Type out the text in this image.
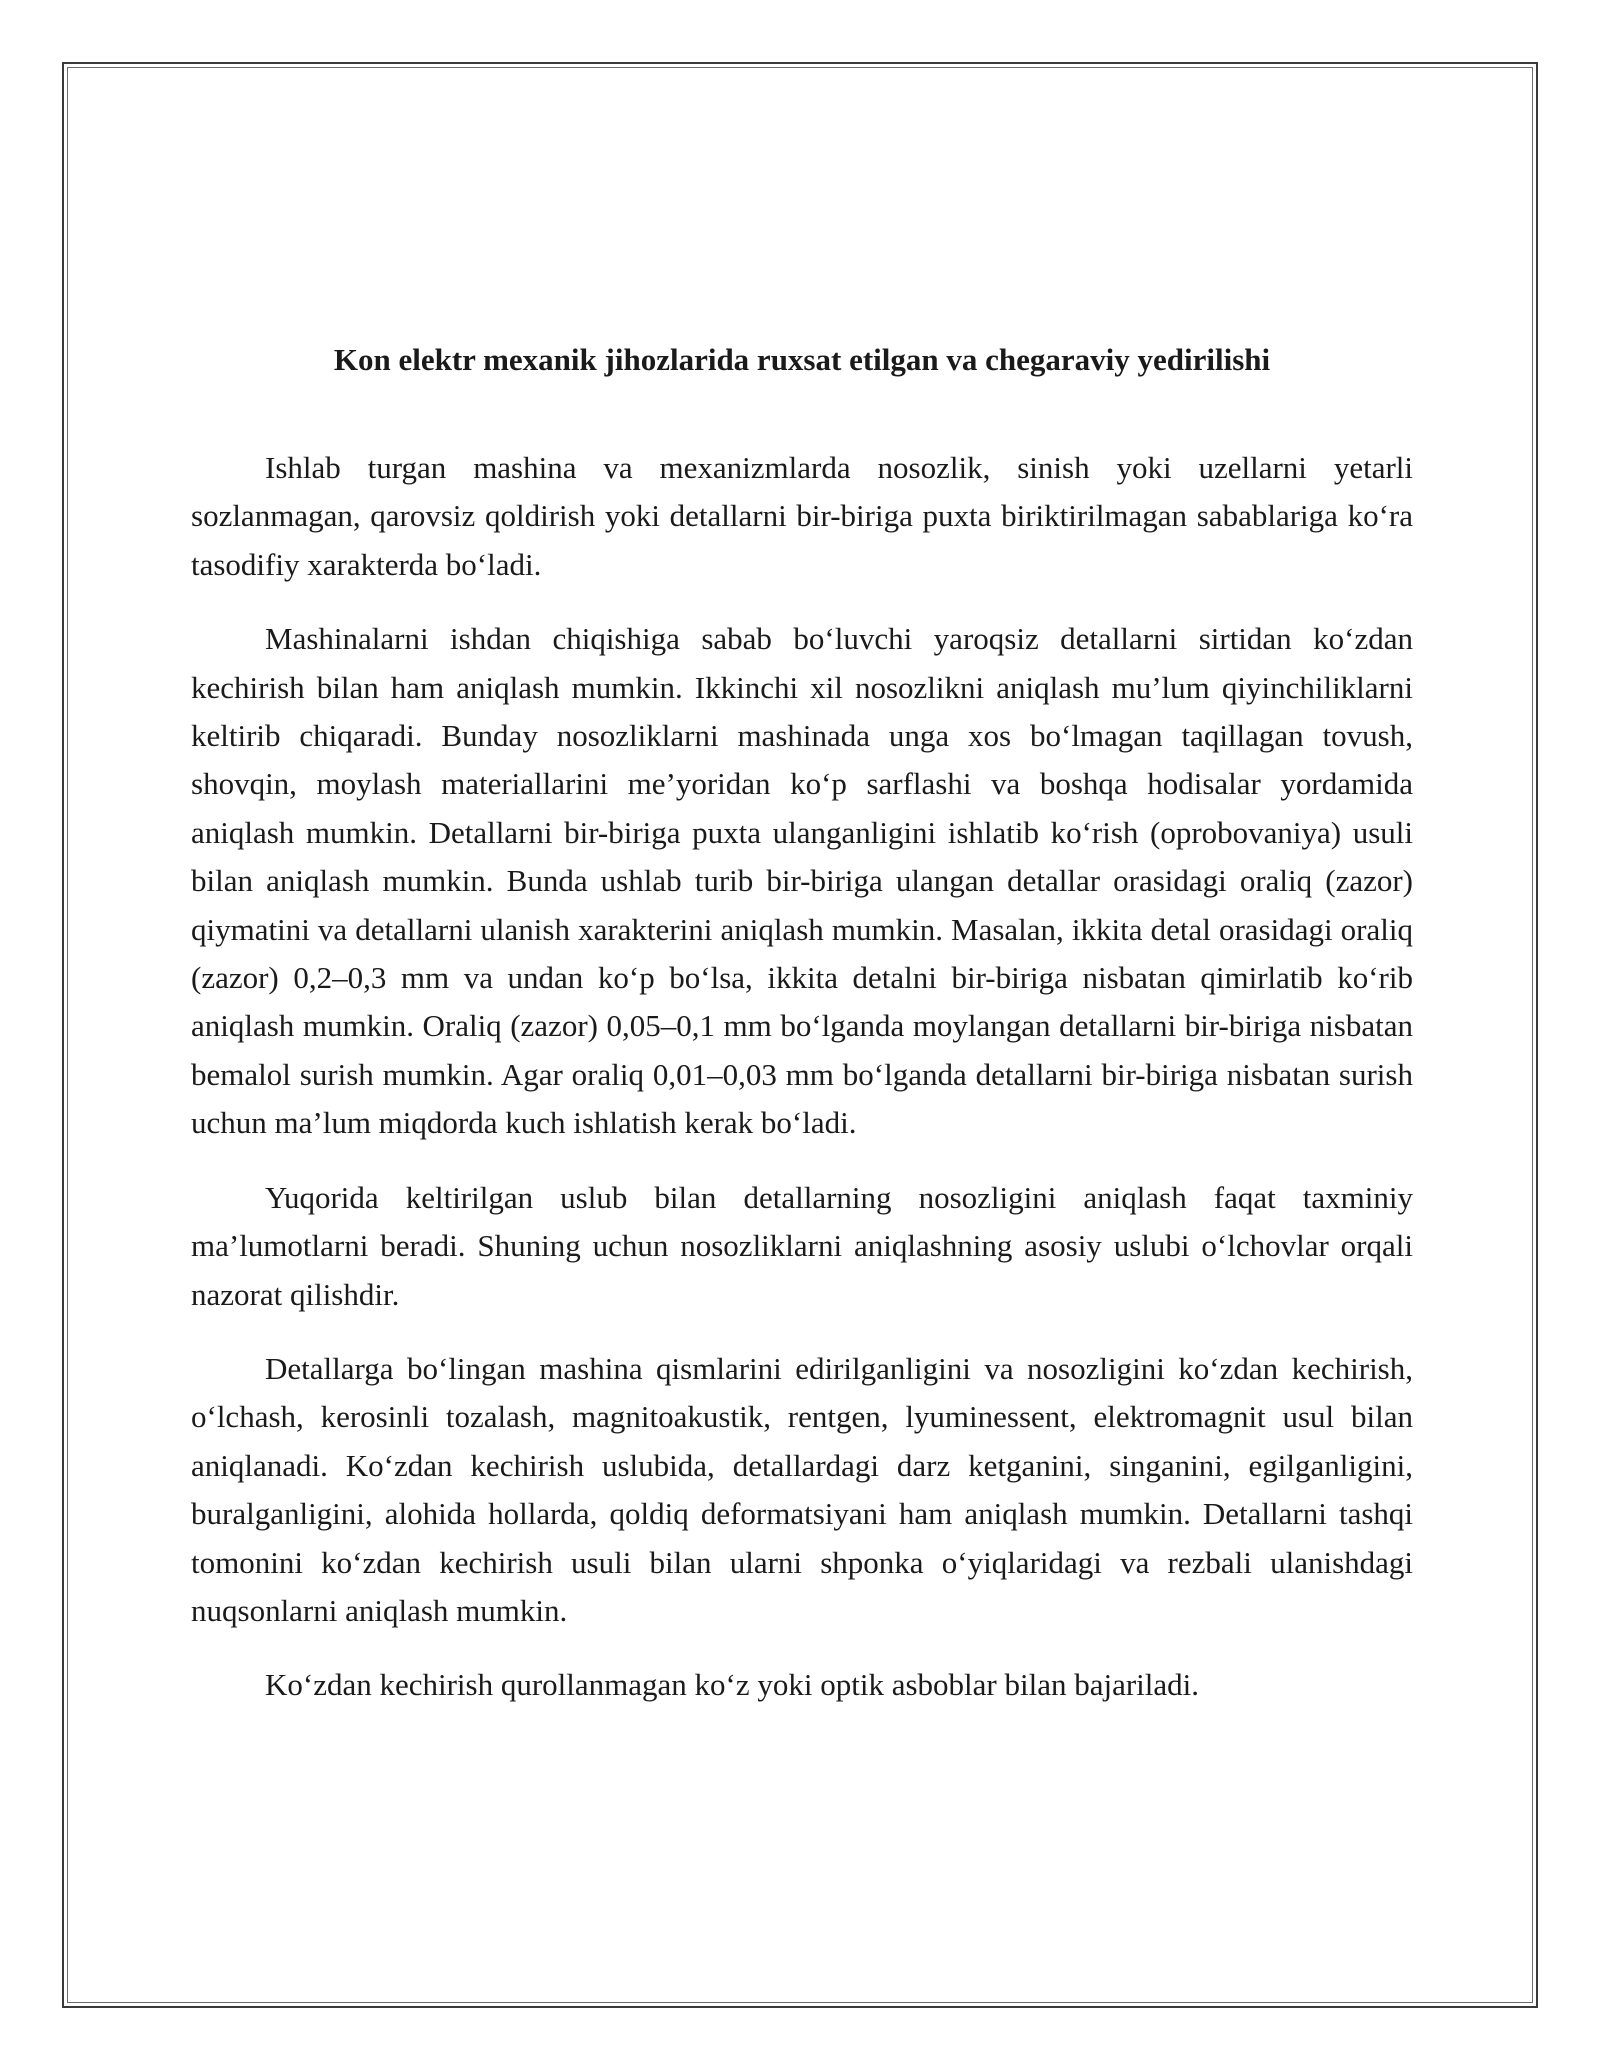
Kon elektr mexanik jihozlarida ruxsat etilgan va chegaraviy yedirilishi

Ishlab turgan mashina va mexanizmlarda nosozlik, sinish yoki uzellarni yetarli sozlanmagan, qarovsiz qoldirish yoki detallarni bir-biriga puxta biriktirilmagan sabablariga ko‘ra tasodifiy xarakterda bo‘ladi.

Mashinalarni ishdan chiqishiga sabab bo‘luvchi yaroqsiz detallarni sirtidan ko‘zdan kechirish bilan ham aniqlash mumkin. Ikkinchi xil nosozlikni aniqlash mu’lum qiyinchiliklarni keltirib chiqaradi. Bunday nosozliklarni mashinada unga xos bo‘lmagan taqillagan tovush, shovqin, moylash materiallarini me’yoridan ko‘p sarflashi va boshqa hodisalar yordamida aniqlash mumkin. Detallarni bir-biriga puxta ulanganligini ishlatib ko‘rish (oprobovaniya) usuli bilan aniqlash mumkin. Bunda ushlab turib bir-biriga ulangan detallar orasidagi oraliq (zazor) qiymatini va detallarni ulanish xarakterini aniqlash mumkin. Masalan, ikkita detal orasidagi oraliq (zazor) 0,2–0,3 mm va undan ko‘p bo‘lsa, ikkita detalni bir-biriga nisbatan qimirlatib ko‘rib aniqlash mumkin. Oraliq (zazor) 0,05–0,1 mm bo‘lganda moylangan detallarni bir-biriga nisbatan bemalol surish mumkin. Agar oraliq 0,01–0,03 mm bo‘lganda detallarni bir-biriga nisbatan surish uchun ma’lum miqdorda kuch ishlatish kerak bo‘ladi.

Yuqorida keltirilgan uslub bilan detallarning nosozligini aniqlash faqat taxminiy ma’lumotlarni beradi. Shuning uchun nosozliklarni aniqlashning asosiy uslubi o‘lchovlar orqali nazorat qilishdir.

Detallarga bo‘lingan mashina qismlarini edirilganligini va nosozligini ko‘zdan kechirish, o‘lchash, kerosinli tozalash, magnitoakustik, rentgen, lyuminessent, elektromagnit usul bilan aniqlanadi. Ko‘zdan kechirish uslubida, detallardagi darz ketganini, singanini, egilganligini, buralganligini, alohida hollarda, qoldiq deformatsiyani ham aniqlash mumkin. Detallarni tashqi tomonini ko‘zdan kechirish usuli bilan ularni shponka o‘yiqlaridagi va rezbali ulanishdagi nuqsonlarni aniqlash mumkin.

Ko‘zdan kechirish qurollanmagan ko‘z yoki optik asboblar bilan bajariladi.
